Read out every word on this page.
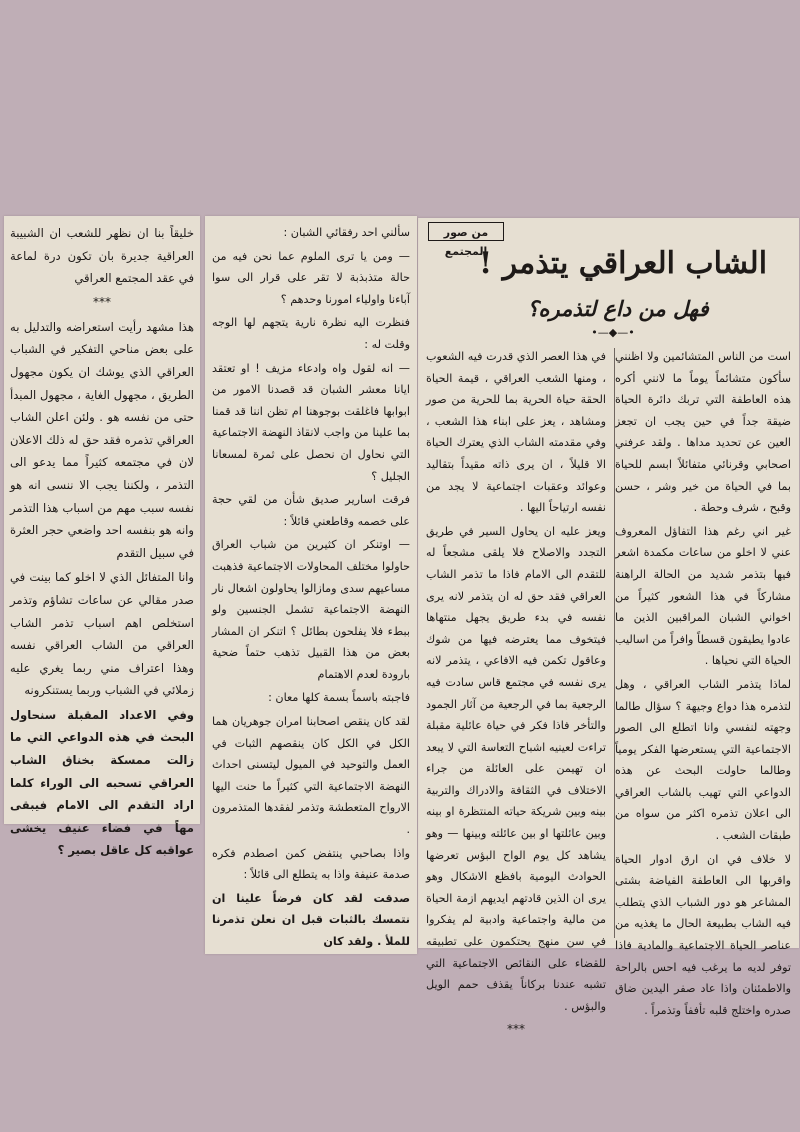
من صور المجتمع
الشاب العراقي يتذمر !
فهل من داع لتذمره؟
•—◆—•

است من الناس المتشائمين ولا اظنني سأكون متشائماً يوماً ما لانني أكره هذه العاطفة التي تربك دائرة الحياة ضيقة جداً في حين يجب ان تجعز العين عن تحديد مداها . ولقد عرفني اصحابي وقرنائي متفائلاً ابسم للحياة بما في الحياة من خير وشر ، حسن وقبح ، شرف وحطة .

غير اني رغم هذا التفاؤل المعروف عني لا اخلو من ساعات مكمدة اشعر فيها بتذمر شديد من الحالة الراهنة مشاركاً في هذا الشعور كثيراً من اخواني الشبان المراقبين الذين ما عادوا يطيقون قسطاً وافراً من اساليب الحياة التي نحياها .

لماذا يتذمر الشاب العراقي ، وهل لتذمره هذا دواع وجيهة ؟ سؤال طالما وجهته لنفسي وانا اتطلع الى الصور الاجتماعية التي يستعرضها الفكر يومياً وطالما حاولت البحث عن هذه الدواعي التي تهيب بالشاب العراقي الى اعلان تذمره اكثر من سواه من طبقات الشعب .

لا خلاف في ان ارق ادوار الحياة واقربها الى العاطفة الفياضة بشتى المشاعر هو دور الشباب الذي يتطلب فيه الشاب بطبيعة الحال ما يغذيه من عناصر الحياة الاجتماعية والمادية فاذا توفر لديه ما يرغب فيه احس بالراحة والاطمئنان واذا عاد صفر اليدين ضاق صدره واختلج قلبه تأففاً وتذمراً .

في هذا العصر الذي قدرت فيه الشعوب ، ومنها الشعب العراقي ، قيمة الحياة الحقة حياة الحرية بما للحرية من صور ومشاهد ، يعز على ابناء هذا الشعب ، وفي مقدمته الشاب الذي يعترك الحياة الا قليلاً ، ان يرى ذاته مقيداً بتقاليد وعوائد وعقبات اجتماعية لا يجد من نفسه ارتياحاً اليها .

ويعز عليه ان يحاول السير في طريق التجدد والاصلاح فلا يلقى مشجعاً له للتقدم الى الامام فاذا ما تذمر الشاب العراقي فقد حق له ان يتذمر لانه يرى نفسه في بدء طريق يجهل منتهاها فيتخوف مما يعترضه فيها من شوك وعاقول تكمن فيه الافاعي ، يتذمر لانه يرى نفسه في مجتمع قاس سادت فيه الرجعية بما في الرجعية من آثار الجمود والتأخر فاذا فكر في حياة عائلية مقبلة تراءت لعينيه اشباح التعاسة التي لا يبعد ان تهيمن على العائلة من جراء الاختلاف في الثقافة والادراك والتربية بينه وبين شريكة حياته المنتظرة او بينه وبين عائلتها او بين عائلته وبينها — وهو يشاهد كل يوم الواح البؤس تعرضها الحوادث اليومية بافظع الاشكال وهو يرى ان الذين قادتهم ايديهم ازمة الحياة من مالية واجتماعية وادبية لم يفكروا في سن منهج يحتكمون على تطبيقه للقضاء على النقائص الاجتماعية التي تشبه عندنا بركاناً يقذف حمم الويل والبؤس .

***

سألني احد رفقائي الشبان :

— ومن يا ترى الملوم عما نحن فيه من حالة متذبذبة لا تقر على قرار الى سوا آباءنا واولياء امورنا وحدهم ؟

فنظرت اليه نظرة نارية يتجهم لها الوجه وقلت له :

— انه لقول واه وادعاء مزيف ! او تعتقد ايانا معشر الشبان قد قصدنا الامور من ابوابها فاغلقت بوجوهنا ام تظن اننا قد قمنا بما علينا من واجب لانقاذ النهضة الاجتماعية التي نحاول ان نحصل على ثمرة لمسعانا الجليل ؟

فرقت اسارير صديق شأن من لقي حجة على خصمه وقاطعني قائلاً :

— اوتنكر ان كثيرين من شباب العراق حاولوا مختلف المحاولات الاجتماعية فذهبت مساعيهم سدى ومازالوا يحاولون اشعال نار النهضة الاجتماعية تشمل الجنسين ولو ببطء فلا يفلحون بطائل ؟ اتنكر ان المشار بعض من هذا القبيل تذهب حتماً ضحية بارودة لعدم الاهتمام

فاجبته باسماً بسمة كلها معان :

لقد كان ينقص اصحابنا امران جوهريان هما الكل في الكل كان ينقصهم الثبات في العمل والتوحيد في الميول ليتسنى احداث النهضة الاجتماعية التي كثيراً ما حنت اليها الارواح المتعطشة وتذمر لفقدها المتذمرون .

واذا بصاحبي ينتفض كمن اصطدم فكره صدمة عنيفة واذا به يتطلع الى قائلاً :

صدقت لقد كان فرضاً علينا ان نتمسك بالثبات قبل ان نعلن تذمرنا للملأ . ولقد كان

خليقاً بنا ان نظهر للشعب ان الشبيبة العراقية جديرة بان تكون درة لماعة في عقد المجتمع العراقي

***

هذا مشهد رأيت استعراضه والتدليل به على بعض مناحي التفكير في الشباب العراقي الذي يوشك ان يكون مجهول الطريق ، مجهول الغاية ، مجهول المبدأ حتى من نفسه هو . ولئن اعلن الشاب العراقي تذمره فقد حق له ذلك الاعلان لان في مجتمعه كثيراً مما يدعو الى التذمر ، ولكننا يجب الا ننسى انه هو نفسه سبب مهم من اسباب هذا التذمر وانه هو بنفسه احد واضعي حجر العثرة في سبيل التقدم

وانا المتفائل الذي لا اخلو كما بينت في صدر مقالي عن ساعات تشاؤم وتذمر استخلص اهم اسباب تذمر الشاب العراقي من الشاب العراقي نفسه وهذا اعتراف مني ربما يغري عليه زملائي في الشباب وربما يستنكرونه

وفي الاعداد المقبلة سنحاول البحث في هذه الدواعي التي ما زالت ممسكة بخناق الشاب العراقي تسحبه الى الوراء كلما اراد التقدم الى الامام فيبقى مهاً في فضاء عنيف يخشى عواقبه كل عاقل بصير ؟
